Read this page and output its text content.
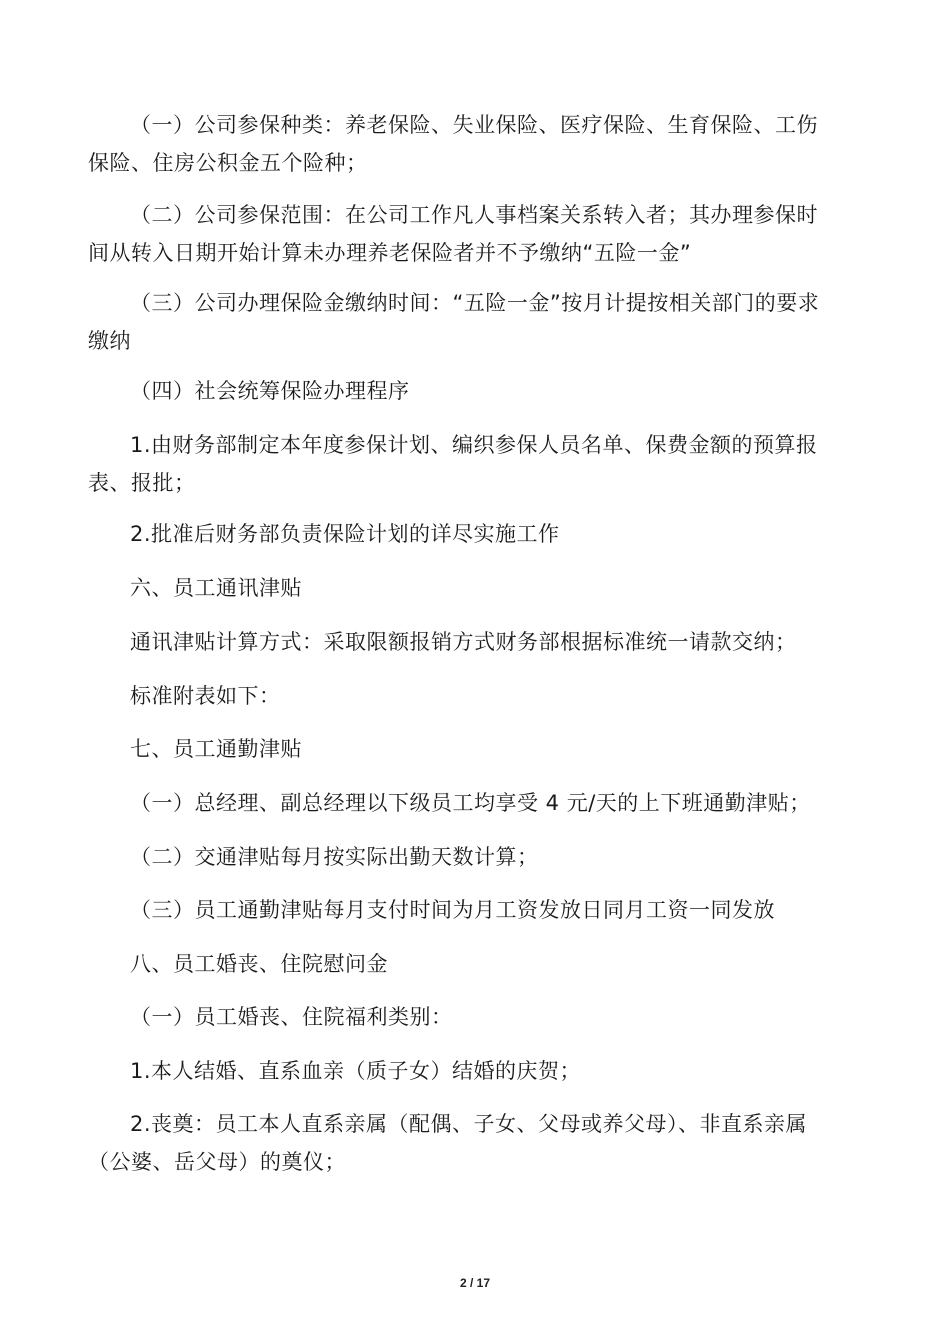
（一）公司参保种类：养老保险、失业保险、医疗保险、生育保险、工伤
保险、住房公积金五个险种；
（二）公司参保范围：在公司工作凡人事档案关系转入者；其办理参保时
间从转入日期开始计算未办理养老保险者并不予缴纳“五险一金”
（三）公司办理保险金缴纳时间：“五险一金”按月计提按相关部门的要求
缴纳
（四）社会统筹保险办理程序
1.由财务部制定本年度参保计划、编织参保人员名单、保费金额的预算报
表、报批；
2.批准后财务部负责保险计划的详尽实施工作
六、员工通讯津贴
通讯津贴计算方式：采取限额报销方式财务部根据标准统一请款交纳；
标准附表如下：
七、员工通勤津贴
（一）总经理、副总经理以下级员工均享受 4 元/天的上下班通勤津贴；
（二）交通津贴每月按实际出勤天数计算；
（三）员工通勤津贴每月支付时间为月工资发放日同月工资一同发放
八、员工婚丧、住院慰问金
（一）员工婚丧、住院福利类别：
1.本人结婚、直系血亲（质子女）结婚的庆贺；
2.丧奠：员工本人直系亲属（配偶、子女、父母或养父母）、非直系亲属
（公婆、岳父母）的奠仪；
2 / 17
